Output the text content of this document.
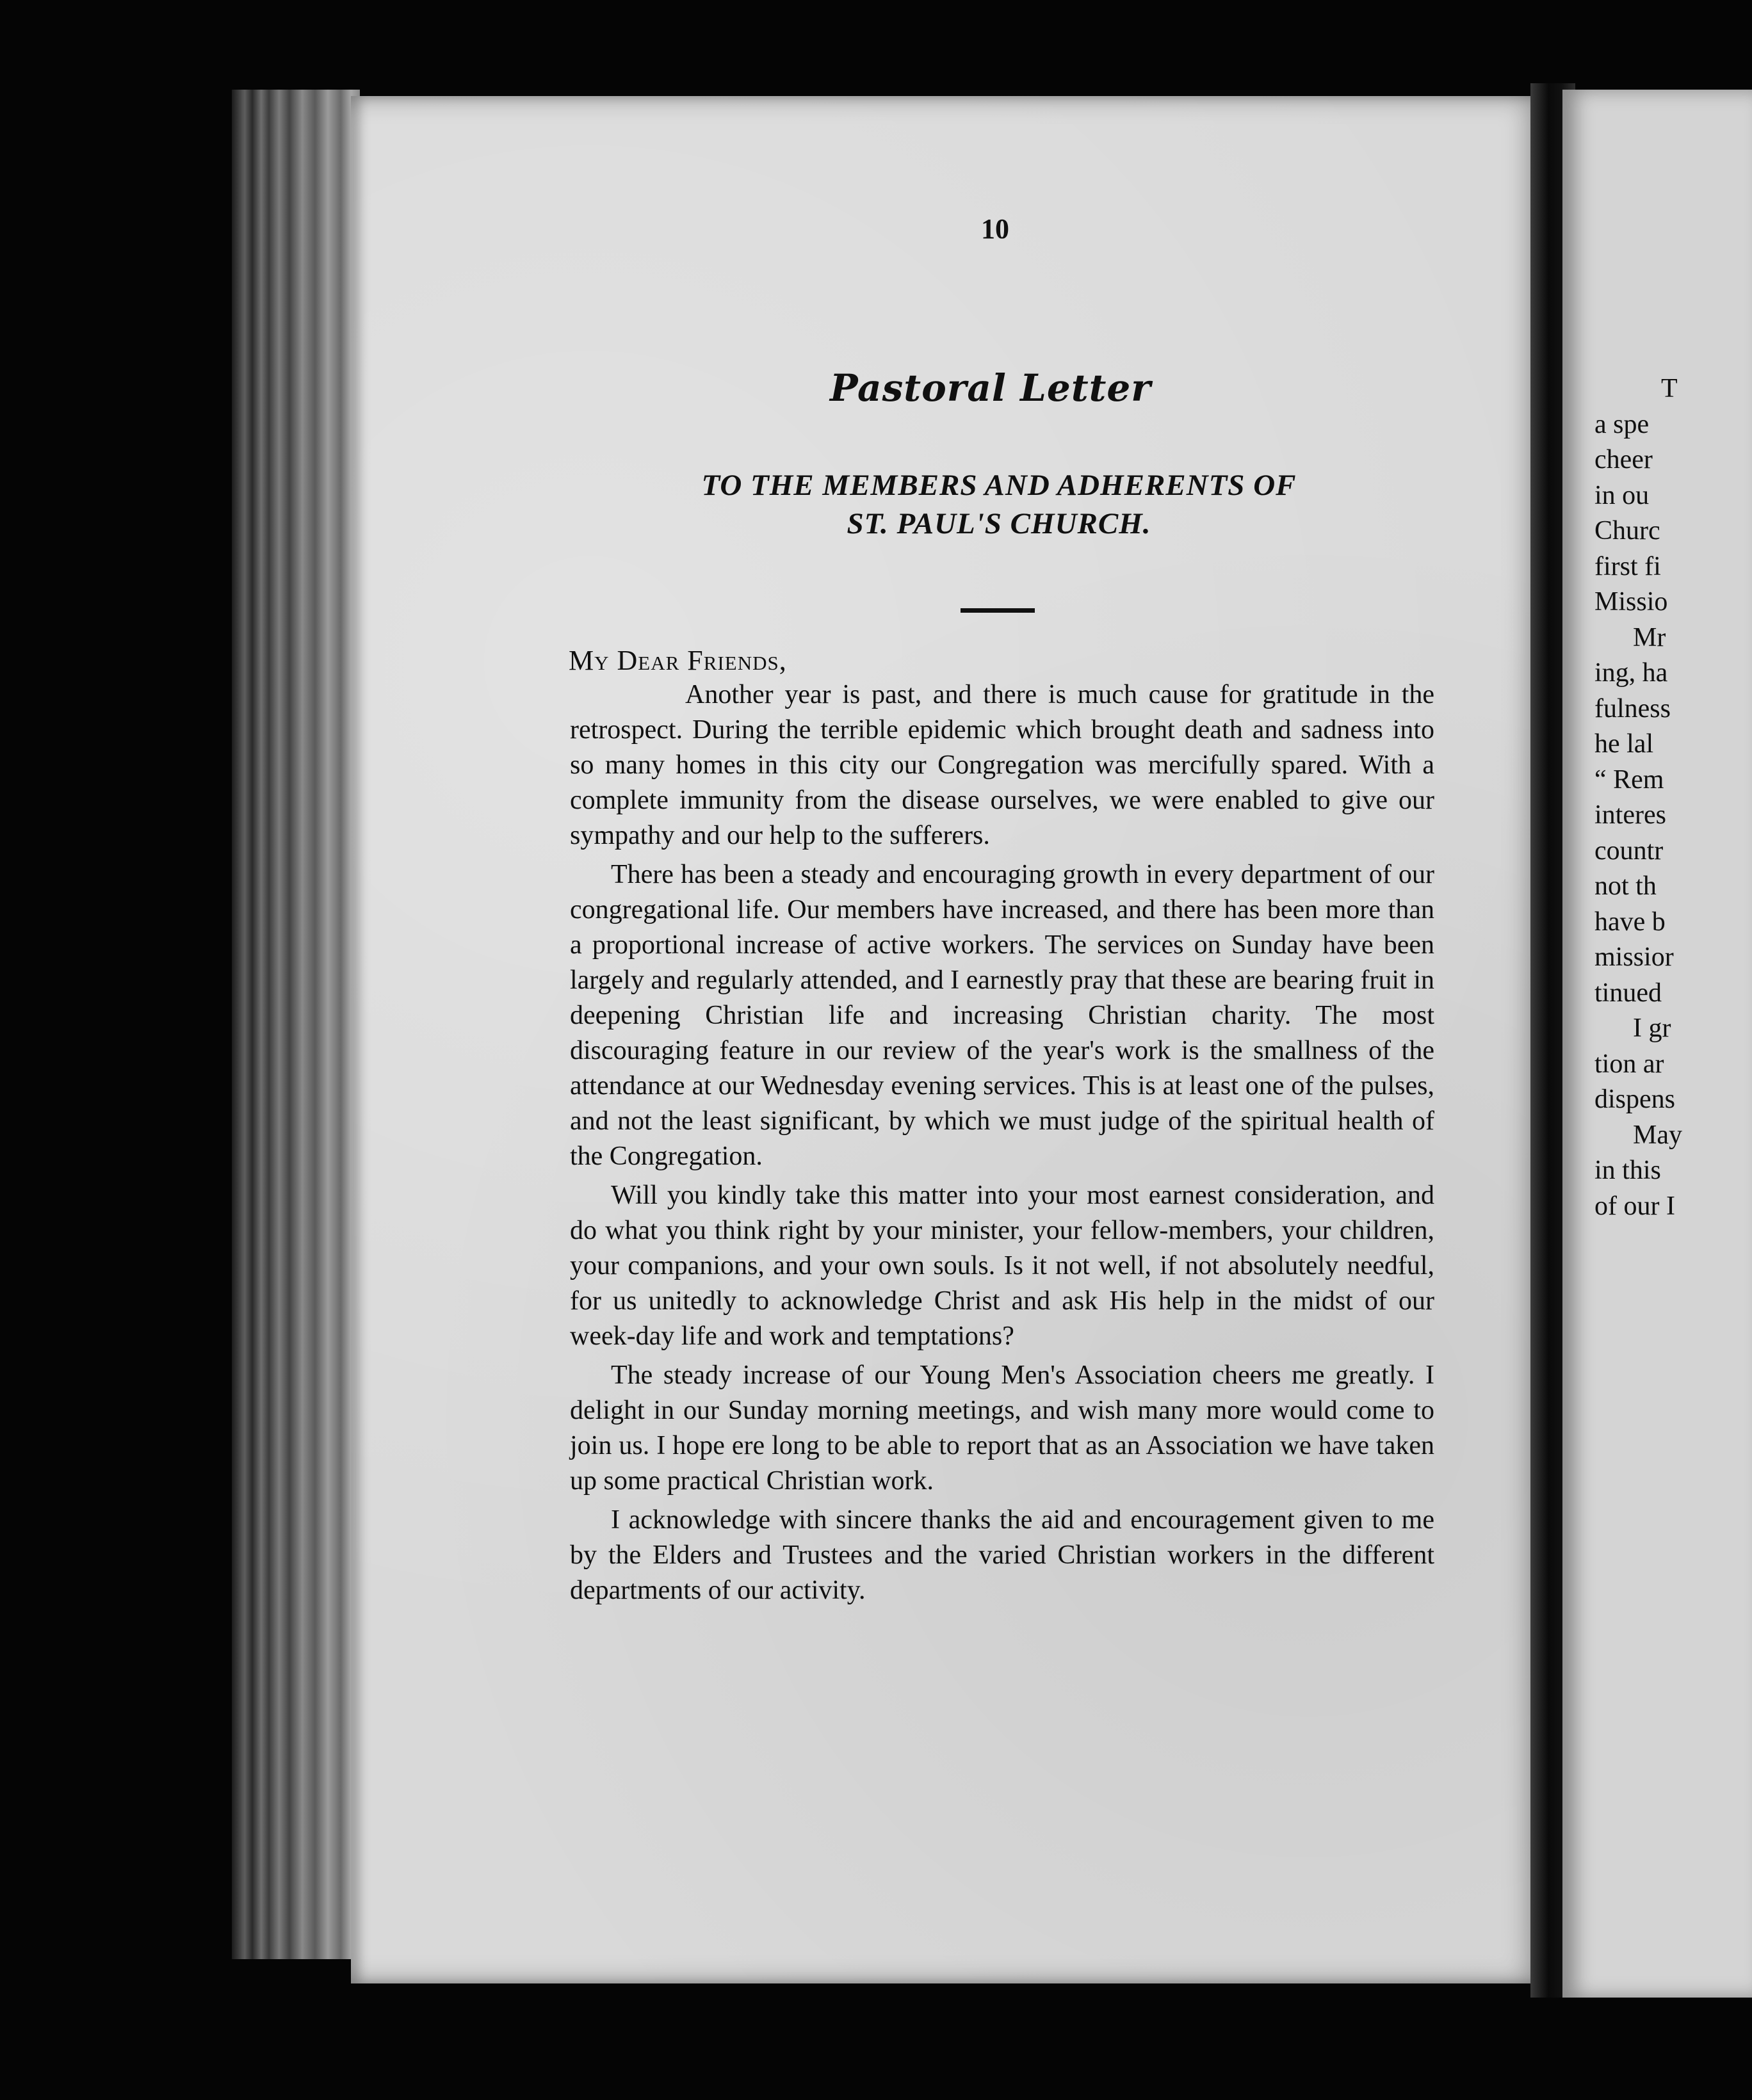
T
a spe
cheer
in ou
Churc
first fi
Missio
Mr
ing, ha
fulness
he lal
“ Rem
interes
countr
not th
have b
missior
tinued
I gr
tion ar
dispens
May
in this
of our I

10

Pastoral Letter
TO THE MEMBERS AND ADHERENTS OF
ST. PAUL'S CHURCH.

My Dear Friends,

Another year is past, and there is much cause for gratitude in the retrospect. During the terrible epidemic which brought death and sadness into so many homes in this city our Congregation was mercifully spared. With a complete immunity from the disease ourselves, we were enabled to give our sympathy and our help to the sufferers.

There has been a steady and encouraging growth in every department of our congregational life. Our members have increased, and there has been more than a proportional increase of active workers. The services on Sunday have been largely and regularly attended, and I earnestly pray that these are bearing fruit in deepening Christian life and increasing Christian charity. The most discouraging feature in our review of the year's work is the smallness of the attendance at our Wednesday evening services. This is at least one of the pulses, and not the least significant, by which we must judge of the spiritual health of the Congregation.

Will you kindly take this matter into your most earnest consideration, and do what you think right by your minister, your fellow-members, your children, your companions, and your own souls. Is it not well, if not absolutely needful, for us unitedly to acknowledge Christ and ask His help in the midst of our week-day life and work and temptations?

The steady increase of our Young Men's Association cheers me greatly. I delight in our Sunday morning meetings, and wish many more would come to join us. I hope ere long to be able to report that as an Association we have taken up some practical Christian work.

I acknowledge with sincere thanks the aid and encouragement given to me by the Elders and Trustees and the varied Christian workers in the different departments of our activity.
